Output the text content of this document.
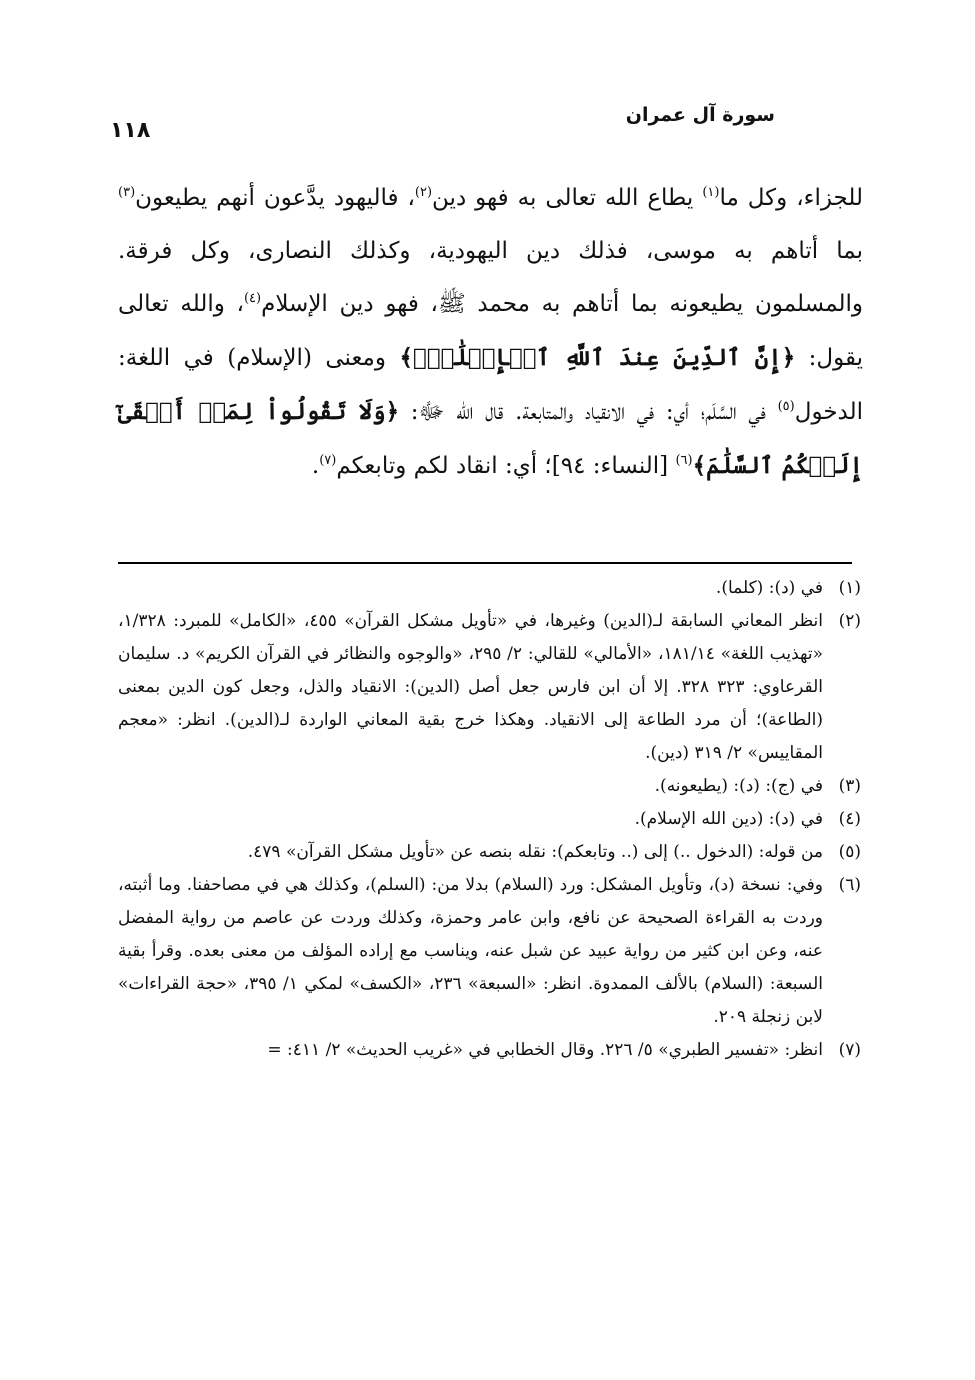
سورة آل عمران
١١٨

للجزاء، وكل ما$^{(١)}$ يطاع الله تعالى به فهو دين$^{(٢)}$، فاليهود يدَّعون أنهم يطيعون$^{(٣)}$ بما أتاهم به موسى، فذلك دين اليهودية، وكذلك النصارى، وكل فرقة. والمسلمون يطيعونه بما أتاهم به محمد ﷺ، فهو دين الإسلام$^{(٤)}$، والله تعالى يقول: ﴿إِنَّ ٱلدِّينَ عِندَ ٱللَّهِ ٱلۡإِسۡلَٰمُۗ﴾ ومعنى (الإسلام) في اللغة: الدخول$^{(٥)}$ في السَّلَم؛ أي: في الانقياد والمتابعة. قال الله ﷻ: ﴿وَلَا تَقُولُواْ لِمَنۡ أَلۡقَىٰٓ إِلَيۡكُمُ ٱلسَّلَٰمَ﴾$^{(٦)}$ [النساء: ٩٤]؛ أي: انقاد لكم وتابعكم$^{(٧)}$.

(١)
في (د): (كلما).
(٢)
انظر المعاني السابقة لـ(الدين) وغيرها، في «تأويل مشكل القرآن» ٤٥٥، «الكامل» للمبرد: ١/٣٢٨، «تهذيب اللغة» ١٨١/١٤، «الأمالي» للقالي: ٢/ ٢٩٥، «والوجوه والنظائر في القرآن الكريم» د. سليمان القرعاوي: ٣٢٣ ٣٢٨. إلا أن ابن فارس جعل أصل (الدين): الانقياد والذل، وجعل كون الدين بمعنى (الطاعة)؛ أن مرد الطاعة إلى الانقياد. وهكذا خرج بقية المعاني الواردة لـ(الدين). انظر: «معجم المقاييس» ٢/ ٣١٩ (دين).
(٣)
في (ج): (د): (يطيعونه).
(٤)
في (د): (دين الله الإسلام).
(٥)
من قوله: (الدخول ..) إلى (.. وتابعكم): نقله بنصه عن «تأويل مشكل القرآن» ٤٧٩.
(٦)
وفي: نسخة (د)، وتأويل المشكل: ورد (السلام) بدلا من: (السلم)، وكذلك هي في مصاحفنا. وما أثبته، وردت به القراءة الصحيحة عن نافع، وابن عامر وحمزة، وكذلك وردت عن عاصم من رواية المفضل عنه، وعن ابن كثير من رواية عبيد عن شبل عنه، ويناسب مع إراده المؤلف من معنى بعده. وقرأ بقية السبعة: (السلام) بالألف الممدوة. انظر: «السبعة» ٢٣٦، «الكسف» لمكي ١/ ٣٩٥، «حجة القراءات» لابن زنجلة ٢٠٩.
(٧)
انظر: «تفسير الطبري» ٥/ ٢٢٦. وقال الخطابي في «غريب الحديث» ٢/ ٤١١: =
